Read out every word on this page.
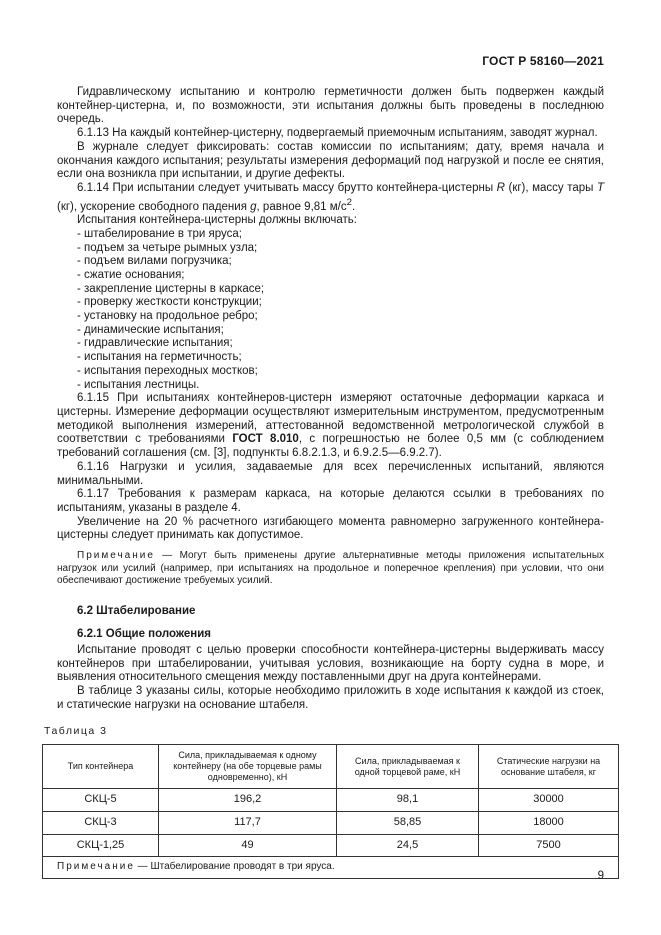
ГОСТ Р 58160—2021

Гидравлическому испытанию и контролю герметичности должен быть подвержен каждый контейнер-цистерна, и, по возможности, эти испытания должны быть проведены в последнюю очередь.

6.1.13 На каждый контейнер-цистерну, подвергаемый приемочным испытаниям, заводят журнал.

В журнале следует фиксировать: состав комиссии по испытаниям; дату, время начала и окончания каждого испытания; результаты измерения деформаций под нагрузкой и после ее снятия, если она возникла при испытании, и другие дефекты.

6.1.14 При испытании следует учитывать массу брутто контейнера-цистерны R (кг), массу тары T (кг), ускорение свободного падения g, равное 9,81 $м/с^2$.

Испытания контейнера-цистерны должны включать:

- штабелирование в три яруса;
- подъем за четыре рымных узла;
- подъем вилами погрузчика;
- сжатие основания;
- закрепление цистерны в каркасе;
- проверку жесткости конструкции;
- установку на продольное ребро;
- динамические испытания;
- гидравлические испытания;
- испытания на герметичность;
- испытания переходных мостков;
- испытания лестницы.

6.1.15 При испытаниях контейнеров-цистерн измеряют остаточные деформации каркаса и цистерны. Измерение деформации осуществляют измерительным инструментом, предусмотренным методикой выполнения измерений, аттестованной ведомственной метрологической службой в соответствии с требованиями ГОСТ 8.010, с погрешностью не более 0,5 мм (с соблюдением требований соглашения (см. [3], подпункты 6.8.2.1.3, и 6.9.2.5—6.9.2.7).

6.1.16 Нагрузки и усилия, задаваемые для всех перечисленных испытаний, являются минимальными.

6.1.17 Требования к размерам каркаса, на которые делаются ссылки в требованиях по испытаниям, указаны в разделе 4.

Увеличение на 20 % расчетного изгибающего момента равномерно загруженного контейнера-цистерны следует принимать как допустимое.

Примечание — Могут быть применены другие альтернативные методы приложения испытательных нагрузок или усилий (например, при испытаниях на продольное и поперечное крепления) при условии, что они обеспечивают достижение требуемых усилий.

6.2 Штабелирование

6.2.1 Общие положения

Испытание проводят с целью проверки способности контейнера-цистерны выдерживать массу контейнеров при штабелировании, учитывая условия, возникающие на борту судна в море, и выявления относительного смещения между поставленными друг на друга контейнерами.

В таблице 3 указаны силы, которые необходимо приложить в ходе испытания к каждой из стоек, и статические нагрузки на основание штабеля.

Таблица 3
Тип контейнера	Сила, прикладываемая к одному контейнеру (на обе торцевые рамы одновременно), кН	Сила, прикладываемая к одной торцевой раме, кН	Статические нагрузки на основание штабеля, кг
СКЦ-5	196,2	98,1	30000
СКЦ-3	117,7	58,85	18000
СКЦ-1,25	49	24,5	7500
Примечание — Штабелирование проводят в три яруса.			
9
